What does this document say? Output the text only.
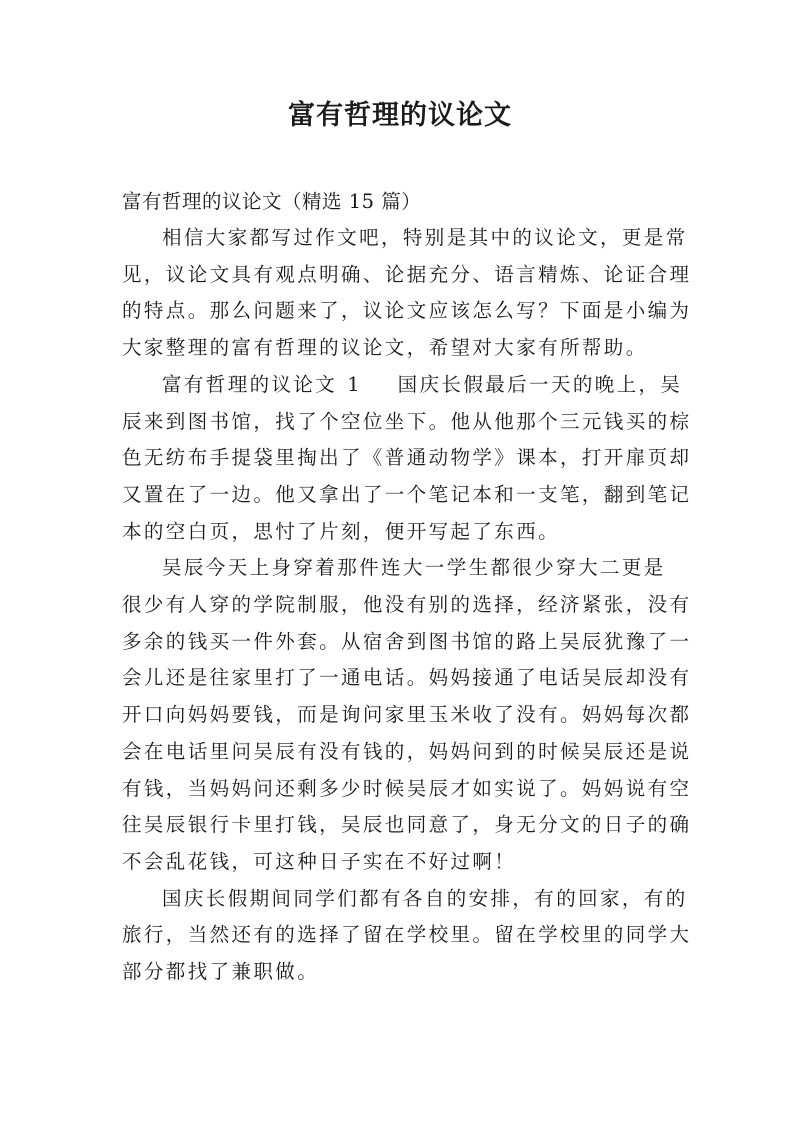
富有哲理的议论文

富有哲理的议论文（精选 15 篇）

相信大家都写过作文吧，特别是其中的议论文，更是常
见，议论文具有观点明确、论据充分、语言精炼、论证合理
的特点。那么问题来了，议论文应该怎么写？下面是小编为
大家整理的富有哲理的议论文，希望对大家有所帮助。

富有哲理的议论文 1 国庆长假最后一天的晚上，吴
辰来到图书馆，找了个空位坐下。他从他那个三元钱买的棕
色无纺布手提袋里掏出了《普通动物学》课本，打开扉页却
又置在了一边。他又拿出了一个笔记本和一支笔，翻到笔记
本的空白页，思忖了片刻，便开写起了东西。

吴辰今天上身穿着那件连大一学生都很少穿大二更是
很少有人穿的学院制服，他没有别的选择，经济紧张，没有
多余的钱买一件外套。从宿舍到图书馆的路上吴辰犹豫了一
会儿还是往家里打了一通电话。妈妈接通了电话吴辰却没有
开口向妈妈要钱，而是询问家里玉米收了没有。妈妈每次都
会在电话里问吴辰有没有钱的，妈妈问到的时候吴辰还是说
有钱，当妈妈问还剩多少时候吴辰才如实说了。妈妈说有空
往吴辰银行卡里打钱，吴辰也同意了，身无分文的日子的确
不会乱花钱，可这种日子实在不好过啊！

国庆长假期间同学们都有各自的安排，有的回家，有的
旅行，当然还有的选择了留在学校里。留在学校里的同学大
部分都找了兼职做。
